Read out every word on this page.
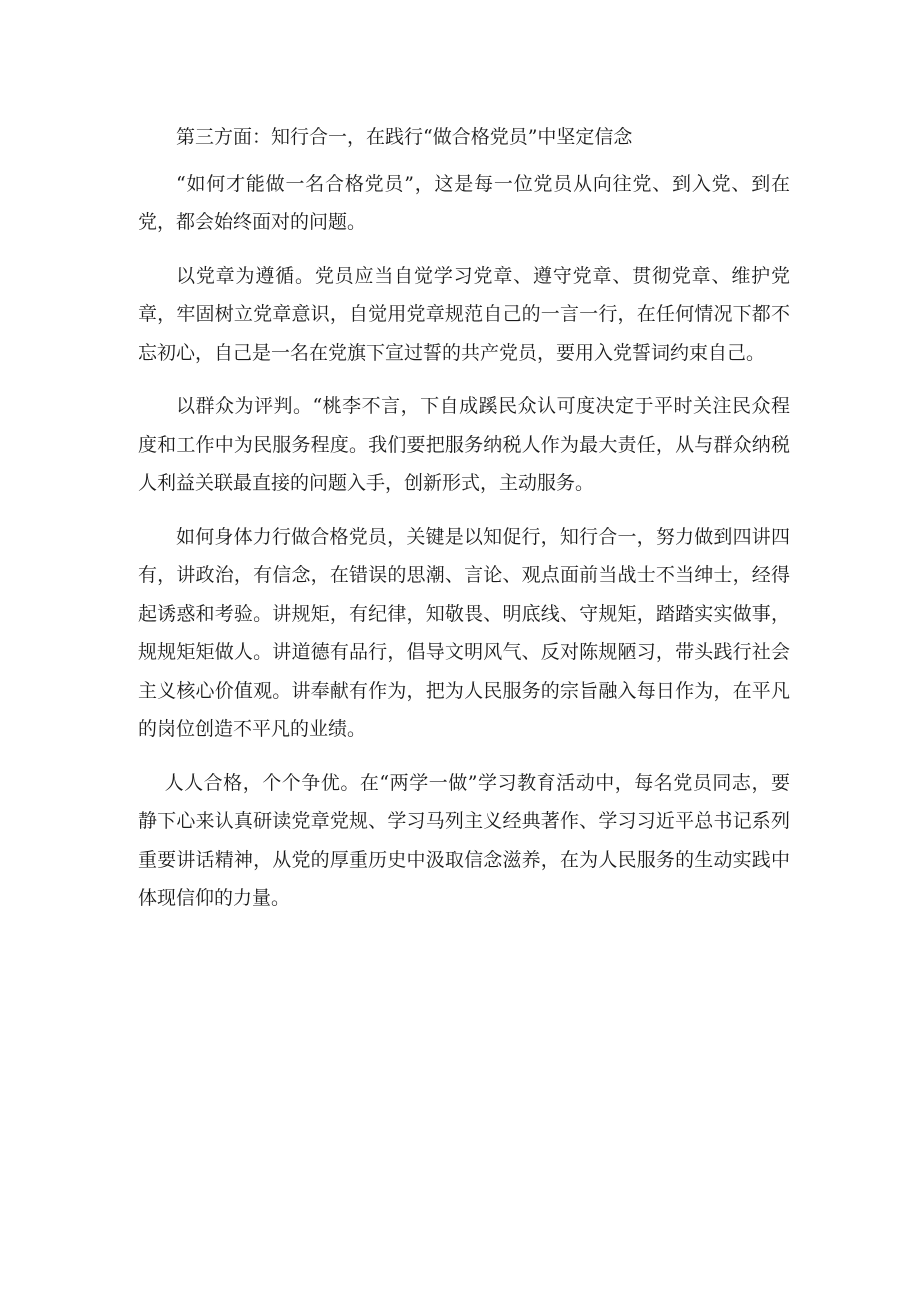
第三方面：知行合一，在践行“做合格党员”中坚定信念

“如何才能做一名合格党员”，这是每一位党员从向往党、到入党、到在党，都会始终面对的问题。

以党章为遵循。党员应当自觉学习党章、遵守党章、贯彻党章、维护党章，牢固树立党章意识，自觉用党章规范自己的一言一行，在任何情况下都不忘初心，自己是一名在党旗下宣过誓的共产党员，要用入党誓词约束自己。

以群众为评判。“桃李不言，下自成蹊民众认可度决定于平时关注民众程度和工作中为民服务程度。我们要把服务纳税人作为最大责任，从与群众纳税人利益关联最直接的问题入手，创新形式，主动服务。

如何身体力行做合格党员，关键是以知促行，知行合一，努力做到四讲四有，讲政治，有信念，在错误的思潮、言论、观点面前当战士不当绅士，经得起诱惑和考验。讲规矩，有纪律，知敬畏、明底线、守规矩，踏踏实实做事，规规矩矩做人。讲道德有品行，倡导文明风气、反对陈规陋习，带头践行社会主义核心价值观。讲奉献有作为，把为人民服务的宗旨融入每日作为，在平凡的岗位创造不平凡的业绩。

人人合格，个个争优。在“两学一做”学习教育活动中，每名党员同志，要静下心来认真研读党章党规、学习马列主义经典著作、学习习近平总书记系列重要讲话精神，从党的厚重历史中汲取信念滋养，在为人民服务的生动实践中体现信仰的力量。
